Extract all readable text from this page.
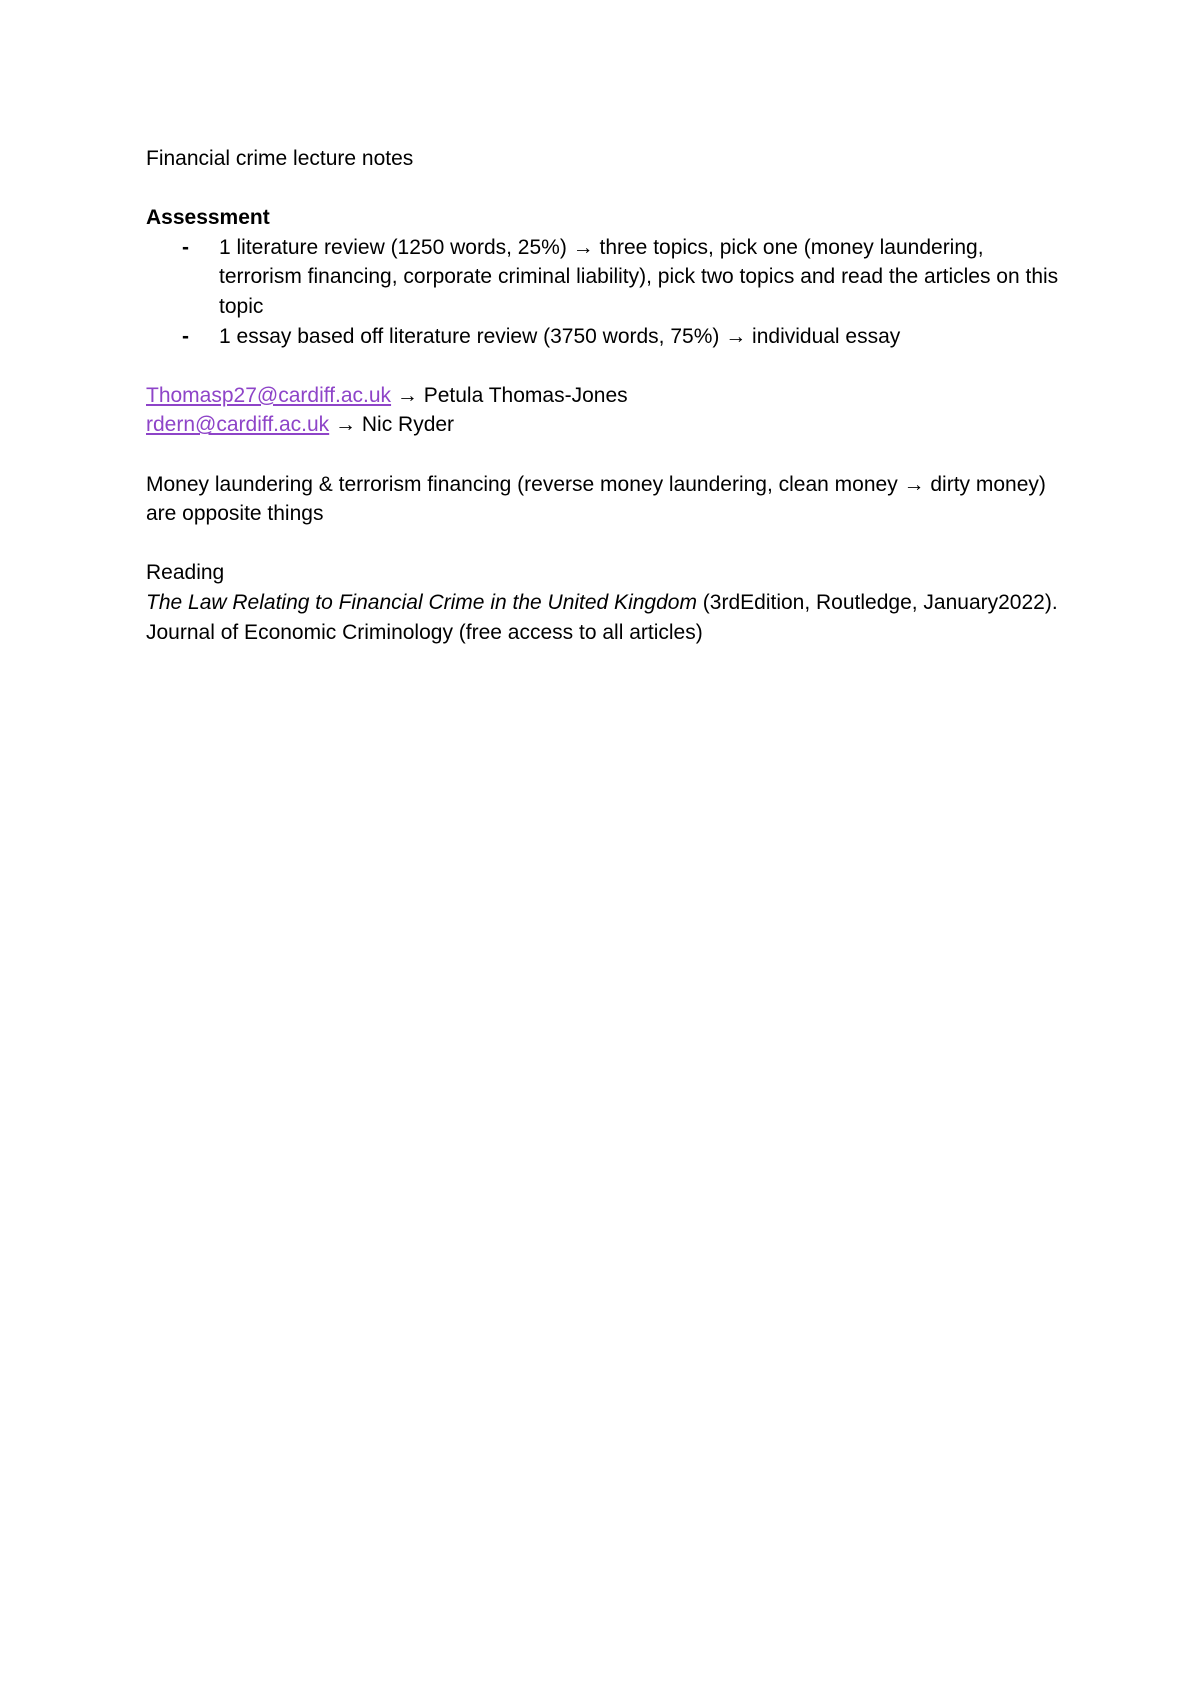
Financial crime lecture notes

Assessment

- 1 literature review (1250 words, 25%) → three topics, pick one (money laundering, terrorism financing, corporate criminal liability), pick two topics and read the articles on this topic
- 1 essay based off literature review (3750 words, 75%) → individual essay

Thomasp27@cardiff.ac.uk → Petula Thomas-Jones

rdern@cardiff.ac.uk → Nic Ryder

Money laundering & terrorism financing (reverse money laundering, clean money → dirty money) are opposite things

Reading

The Law Relating to Financial Crime in the United Kingdom (3rdEdition, Routledge, January2022).

Journal of Economic Criminology (free access to all articles)
